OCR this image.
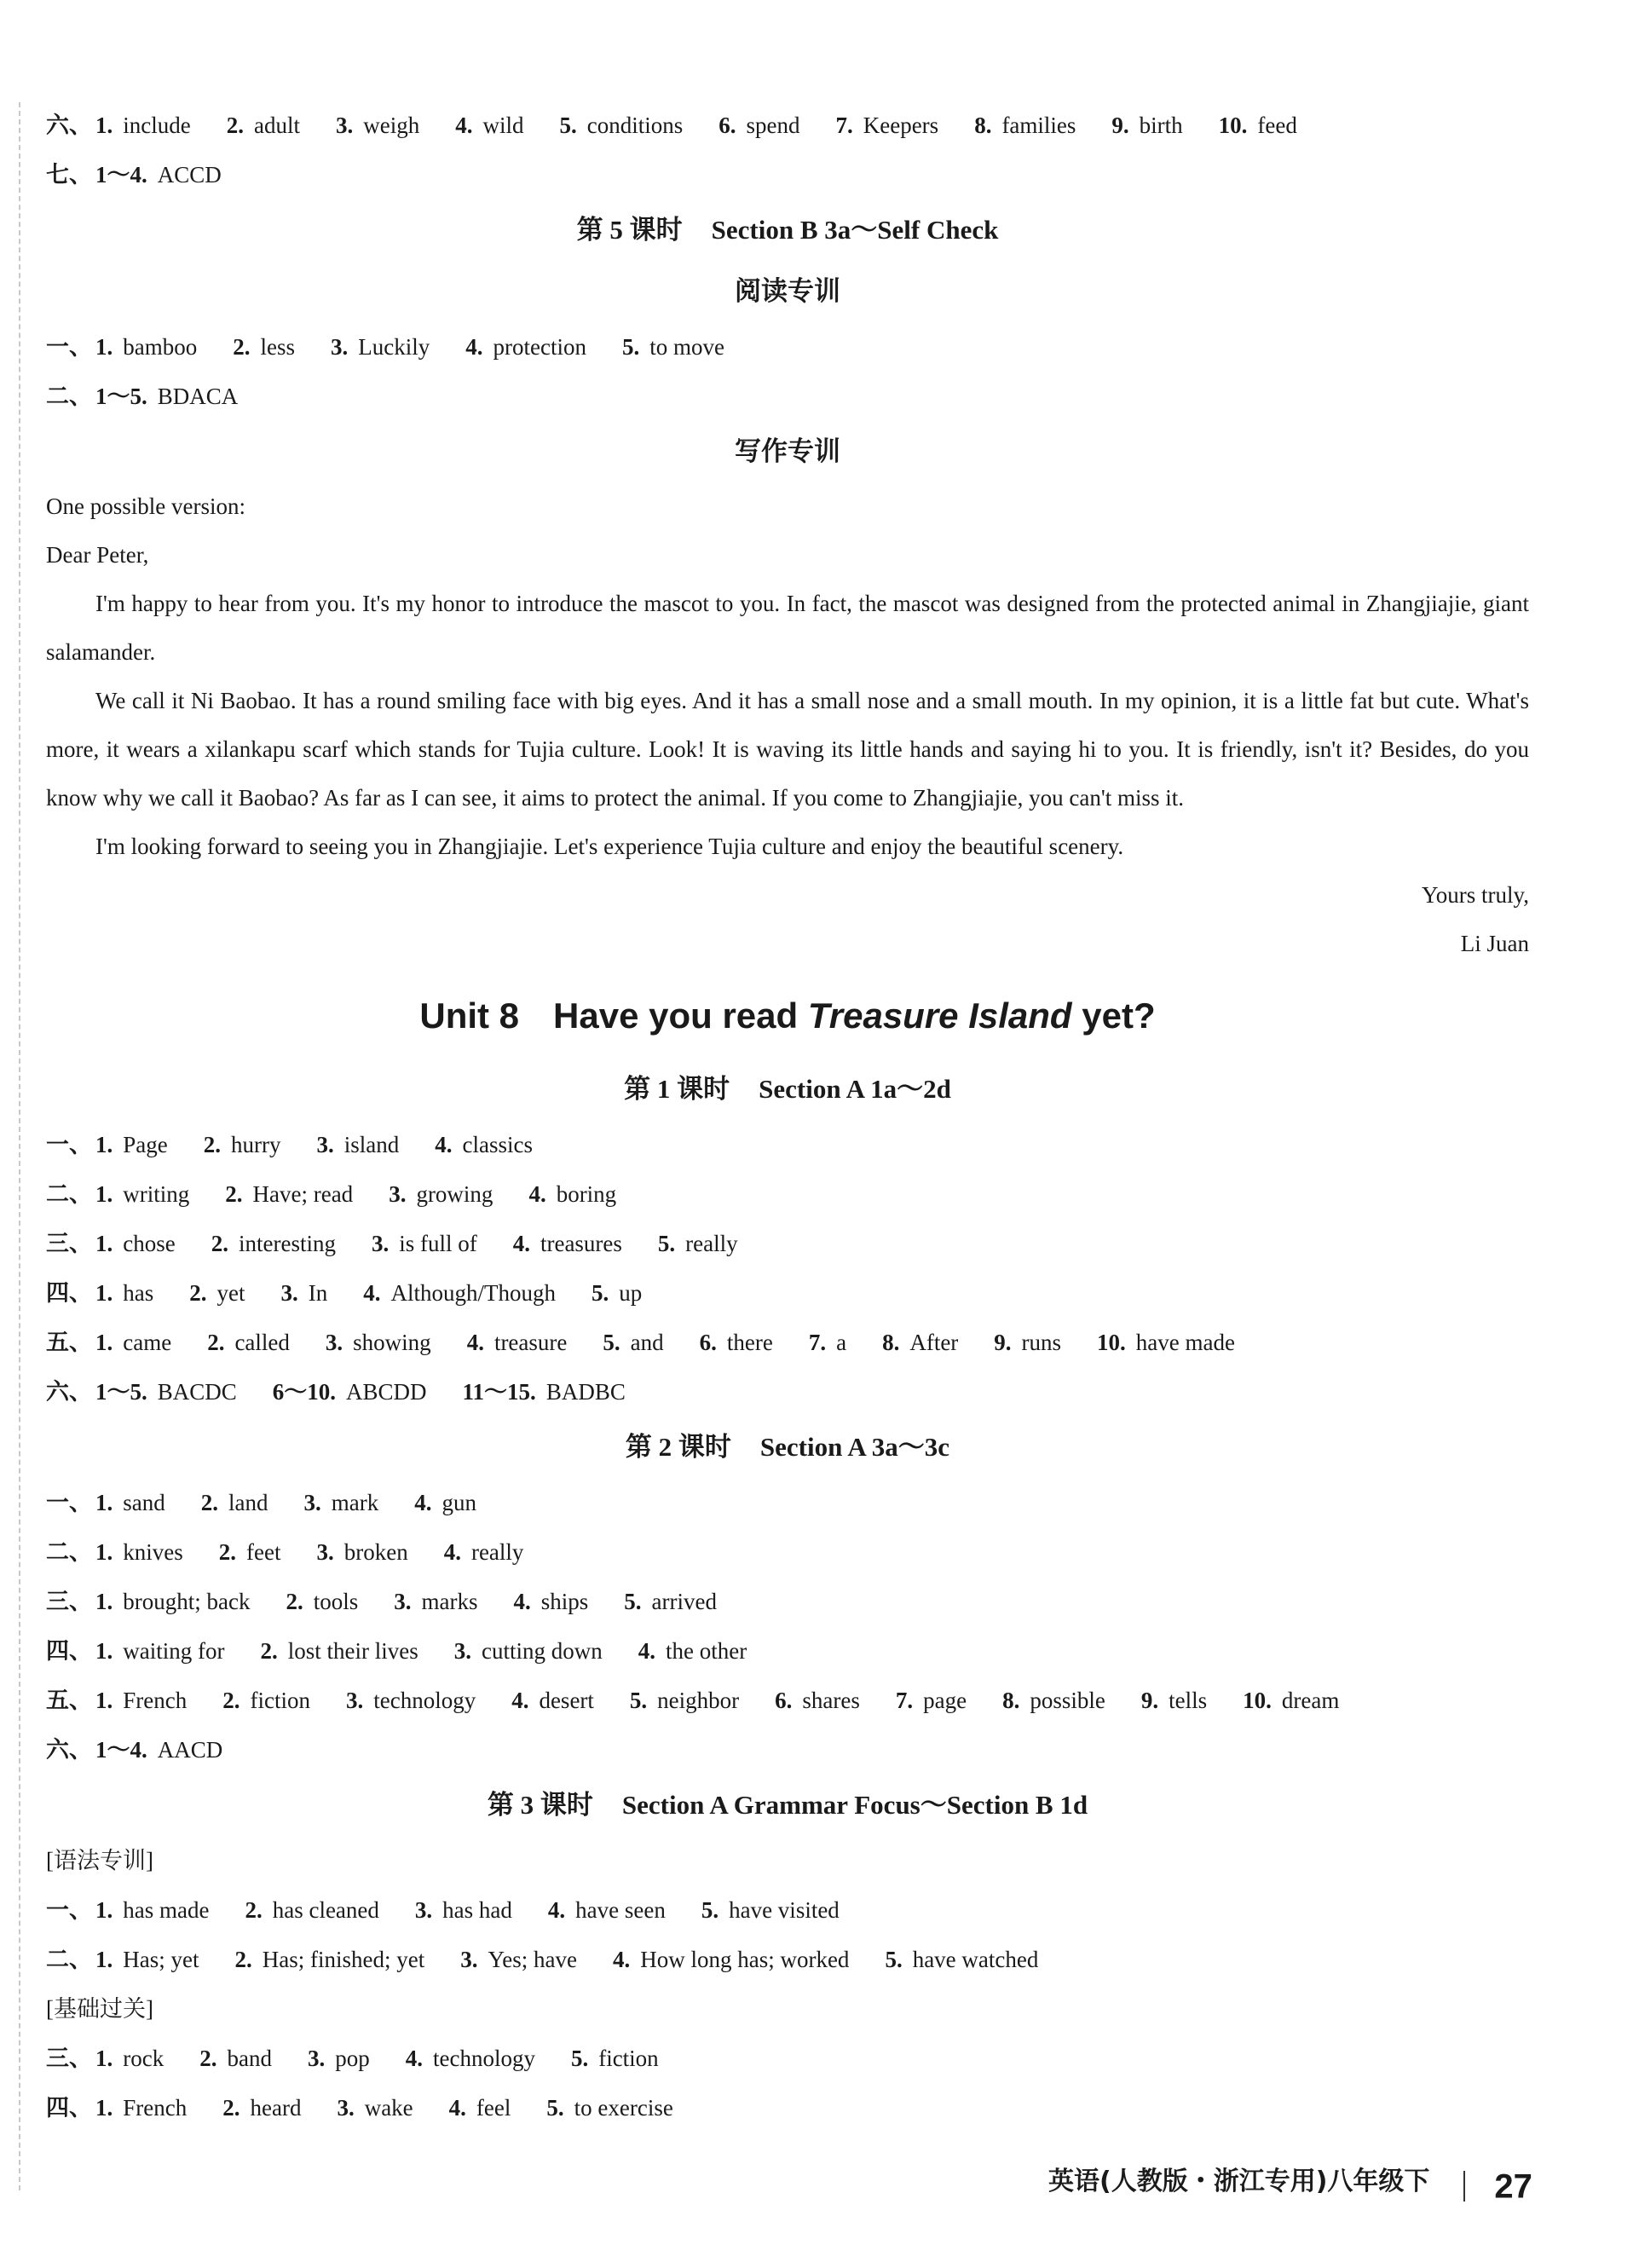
六、 1. include 2. adult 3. weigh 4. wild 5. conditions 6. spend 7. Keepers 8. families 9. birth 10. feed
七、 1～4. ACCD
第 5 课时 Section B 3a～Self Check
阅读专训
一、 1. bamboo 2. less 3. Luckily 4. protection 5. to move
二、 1～5. BDACA
写作专训
One possible version:
Dear Peter,

I'm happy to hear from you. It's my honor to introduce the mascot to you. In fact, the mascot was designed from the protected animal in Zhangjiajie, giant salamander.

We call it Ni Baobao. It has a round smiling face with big eyes. And it has a small nose and a small mouth. In my opinion, it is a little fat but cute. What's more, it wears a xilankapu scarf which stands for Tujia culture. Look! It is waving its little hands and saying hi to you. It is friendly, isn't it? Besides, do you know why we call it Baobao? As far as I can see, it aims to protect the animal. If you come to Zhangjiajie, you can't miss it.

I'm looking forward to seeing you in Zhangjiajie. Let's experience Tujia culture and enjoy the beautiful scenery.

Yours truly,
Li Juan
Unit 8 Have you read Treasure Island yet?
第 1 课时 Section A 1a～2d
一、 1. Page 2. hurry 3. island 4. classics
二、 1. writing 2. Have; read 3. growing 4. boring
三、 1. chose 2. interesting 3. is full of 4. treasures 5. really
四、 1. has 2. yet 3. In 4. Although/Though 5. up
五、 1. came 2. called 3. showing 4. treasure 5. and 6. there 7. a 8. After 9. runs 10. have made
六、 1～5. BACDC 6～10. ABCDD 11～15. BADBC
第 2 课时 Section A 3a～3c
一、 1. sand 2. land 3. mark 4. gun
二、 1. knives 2. feet 3. broken 4. really
三、 1. brought; back 2. tools 3. marks 4. ships 5. arrived
四、 1. waiting for 2. lost their lives 3. cutting down 4. the other
五、 1. French 2. fiction 3. technology 4. desert 5. neighbor 6. shares 7. page 8. possible 9. tells 10. dream
六、 1～4. AACD
第 3 课时 Section A Grammar Focus～Section B 1d
[语法专训]
一、 1. has made 2. has cleaned 3. has had 4. have seen 5. have visited
二、 1. Has; yet 2. Has; finished; yet 3. Yes; have 4. How long has; worked 5. have watched
[基础过关]
三、 1. rock 2. band 3. pop 4. technology 5. fiction
四、 1. French 2. heard 3. wake 4. feel 5. to exercise
英语(人教版・浙江专用)八年级下 27
